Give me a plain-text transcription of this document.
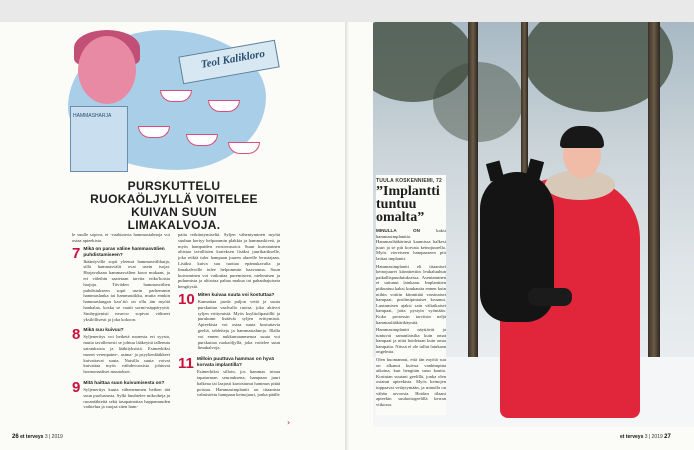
Teol Kalikloro
HAMMASHARJA
PURSKUTTELU RUOKAÖLJYLLÄ VOITELEE KUIVAN SUUN LIMAKALVOJA.

le suulle sopiva, ei -vaahtoavia hammastahnoja voi ostaa apteekista.

7 Mikä on paras väline hammasvälien puhdistamiseen?

Ikääntyville sopii yleensä hammasväliharja, sillä hammasvälit ovat usein isojat. Harjavaltaan hammasvälien koon mukaan, ja ert väleihin saatetaan tarvita eriko'koisia harjoja. Tiiviiden hammasvälien puhdistukseen sopii usein parhemmin hammaslanka tai hammastikku, mutta ennkin hammaslangan kau'.ttö on ollu iän myötä hankalaa, koska se vaatii sormi-näppäryyttä. Suuhygienisti neuvoo sopivat välineet yksilöllisesti ja joka kokoon.

8 Mikä suu kuivuu?

Syljeneritys voi heiketä monesta eri syysta, mutta tavalleisesti se johtuu lääkeyttä tallenuta sairauksista ja lääkityksistä. Esimerkiksi monet verenpaine-, astma- ja psyykenlääkkeet kuivattavat suuta. Naisilla suuta voivat kuivattaa myös vaihdevuosista johtuvat hormonaaliset muutokset.

9 Mitä haittaa suun kuivumisesta on?

Syljeneritys kuuta vähenemmen heiken tää suun puolustusta. Sylki huuhtelee mikrobeja ja ruoantähteitä sekä tasapainottaa happamuuden vaihtelua ja suojaa siten ham-

paita reikiintymiseltä. Syljen vähentyminen myötä suuhun kertyy helpommin plakkia ja hammaskiveä, ja myös hampaiden erosiovauriot. Suun kuivuminen altistaa tavallisten karieksen lisäksi juurikarikselle, joka reikiä tuler hampaan juuren alueelle lerustajaan. Lisäksi kuiva suu tuottaa epämukavalta ja limakalvoille tulee helpommin haavauma. Suun kuivuminen voi vaikuttaa puremiseen, nielemisen ja puhumista ja altisrtaa pahaa makua tai pahanhajuiseta hengitystä.

10 Miten kuivaa suuta voi kostuttaa?

Kannattaa juoda paljon vettä ja suuta purskuttaa vaalvalla ruoisa, joka aktivoi syljen erittymistä. Myös ksylitolipastillit ja purukumi lisäävät syljen erittymistä. Apteekista voi ostaa suuta kostuttavia geeliä, tabletteja ja hammastahnoja. Illalla voi ennen nukkumaanmenoa suuta voi purskuttaa ruokaöljyllä, joka voitelee suun limakalvoja.

11 Milloin puuttuva hammas on hyvä korvata implantilla?

Esimerkiksi silloin, jos hammas irtoaa tapaturman seurauksena, hampaan juuri halkeaa tai laajasti kariostunut hammas pitää poistaa. Hammasimplantti on titaanista valmistettu hampaan keinojuuri, jonka päälle

›
26 et terveys 3 | 2019
TUULA KOSKENNIEMI, 72
”Implantti tuntuu omalta”

MINULLA ON	kaksi hammasimplanttia. Hammaslääkärinsä kaumissa halkesi juuri ja se piti korvata keinojuurella. Myös viereiseen hampaaseen piti laittaa implantti.

Hammasimplantti eli titaaniset keinojuuret kiinnitettiin leukaluuhun paikallispuudutuksessa. Asentaminen ei sattunut lainkaan. Implanttien pitkuntuu kaksi kuukautta ennen kuin niihin voitiin kiinnittää varsinaiset hampaat, posliinipintaiset kruunut. Luutumisen ajaksi sain väliaikaiset hampaat, jotta pystyin syömään. Koko prosessin tarvitsin neljä hammaslääkärikäyntiä.

Hammasimplantit näyttävät ja tuntuvat samanlaisilta kuin omat hampaat ja niitä hoidetaan kuin omia hampaita. Niissä ei ole tullut lainkaan ongelmia.

Olen huomannut, että iän myötä suu on alkanut kuivua vanhimpina aikoina, kun hengitän suun kautta. Kostutan suutani geelillä, jonka olen ostanut apteekista. Myös keinojen tuppaavat vetäytymään, ja minulla on vähän arvoosia. Hoidan tilaani apteekin suuhoitogeelillä kerran viikossa.

et terveys 3 | 2019 27
